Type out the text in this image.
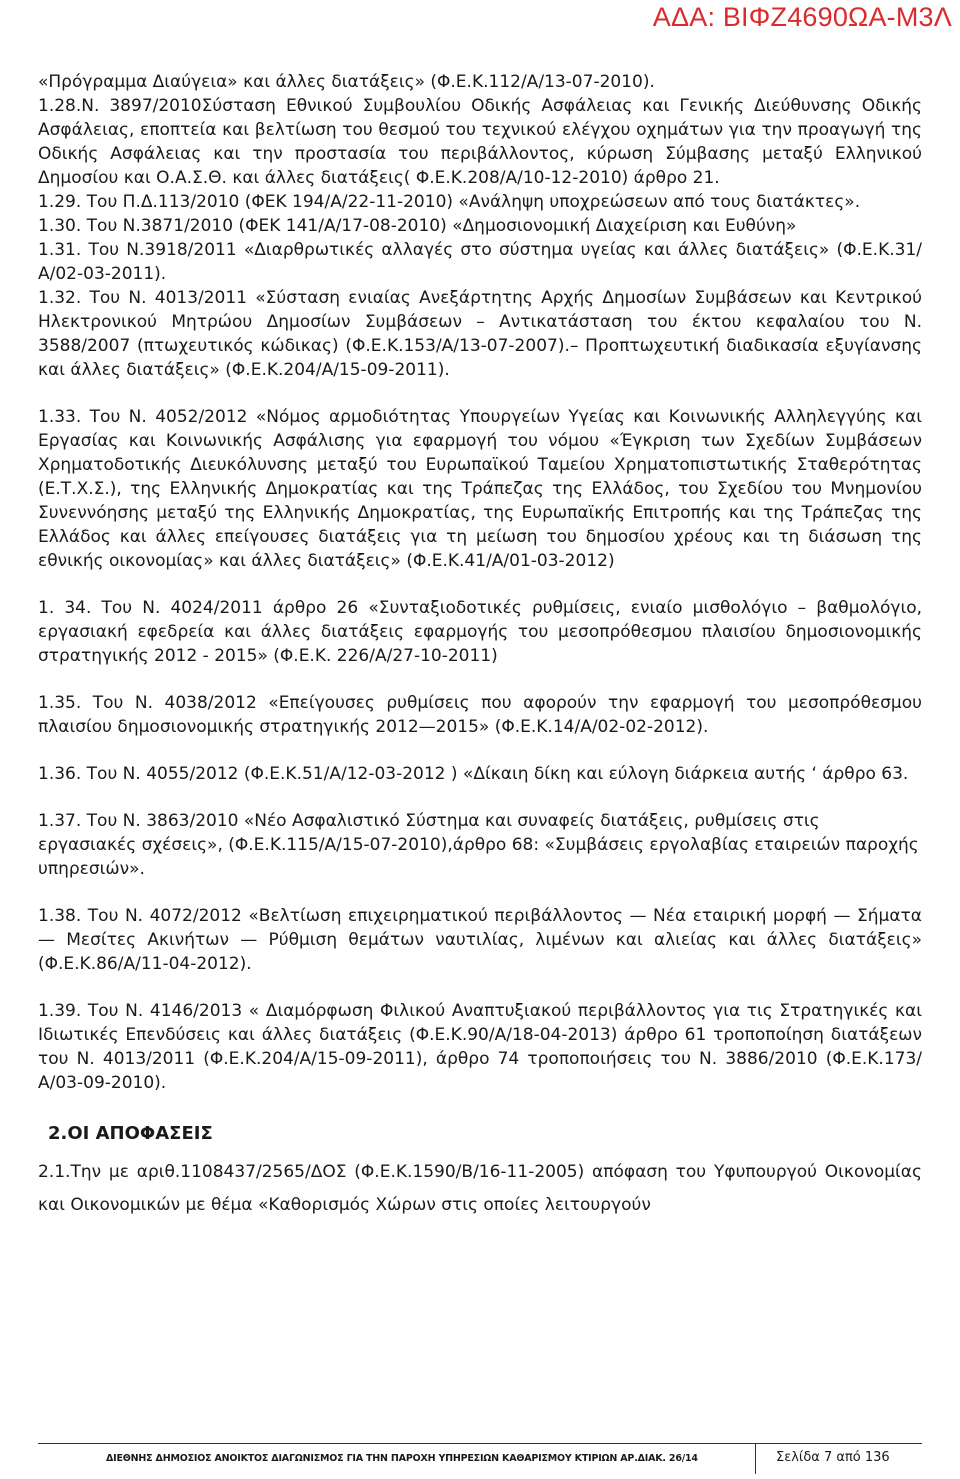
ΑΔΑ: ΒΙΦΖ4690ΩΑ-Μ3Λ

«Πρόγραμμα Διαύγεια» και άλλες διατάξεις» (Φ.Ε.Κ.112/Α/13-07-2010).

1.28.Ν. 3897/2010Σύσταση Εθνικού Συμβουλίου Οδικής Ασφάλειας και Γενικής Διεύθυνσης Οδικής Ασφάλειας, εποπτεία και βελτίωση του θεσμού του τεχνικού ελέγχου οχημάτων για την προαγωγή της Οδικής Ασφάλειας και την προστασία του περιβάλλοντος, κύρωση Σύμβασης μεταξύ Ελληνικού Δημοσίου και Ο.Α.Σ.Θ. και άλλες διατάξεις( Φ.Ε.Κ.208/Α/10-12-2010) άρθρο 21.

1.29. Του Π.Δ.113/2010 (ΦΕΚ 194/Α/22-11-2010) «Ανάληψη υποχρεώσεων από τους διατάκτες».

1.30. Του Ν.3871/2010 (ΦΕΚ 141/Α/17-08-2010) «Δημοσιονομική Διαχείριση και Ευθύνη»

1.31. Του Ν.3918/2011 «Διαρθρωτικές αλλαγές στο σύστημα υγείας και άλλες διατάξεις» (Φ.Ε.Κ.31/Α/02-03-2011).

1.32. Του Ν. 4013/2011 «Σύσταση ενιαίας Ανεξάρτητης Αρχής Δημοσίων Συμβάσεων και Κεντρικού Ηλεκτρονικού Μητρώου Δημοσίων Συμβάσεων – Αντικατάσταση του έκτου κεφαλαίου του Ν. 3588/2007 (πτωχευτικός κώδικας) (Φ.Ε.Κ.153/Α/13-07-2007).– Προπτωχευτική διαδικασία εξυγίανσης και άλλες διατάξεις» (Φ.Ε.Κ.204/Α/15-09-2011).

1.33. Του Ν. 4052/2012 «Νόμος αρμοδιότητας Υπουργείων Υγείας και Κοινωνικής Αλληλεγγύης και Εργασίας και Κοινωνικής Ασφάλισης για εφαρμογή του νόμου «Έγκριση των Σχεδίων Συμβάσεων Χρηματοδοτικής Διευκόλυνσης μεταξύ του Ευρωπαϊκού Ταμείου Χρηματοπιστωτικής Σταθερότητας (Ε.Τ.Χ.Σ.), της Ελληνικής Δημοκρατίας και της Τράπεζας της Ελλάδος, του Σχεδίου του Μνημονίου Συνεννόησης μεταξύ της Ελληνικής Δημοκρατίας, της Ευρωπαϊκής Επιτροπής και της Τράπεζας της Ελλάδος και άλλες επείγουσες διατάξεις για τη μείωση του δημοσίου χρέους και τη διάσωση της εθνικής οικονομίας» και άλλες διατάξεις» (Φ.Ε.Κ.41/Α/01-03-2012)

1. 34. Του Ν. 4024/2011 άρθρο 26 «Συνταξιοδοτικές ρυθμίσεις, ενιαίο μισθολόγιο – βαθμολόγιο, εργασιακή εφεδρεία και άλλες διατάξεις εφαρμογής του μεσοπρόθεσμου πλαισίου δημοσιονομικής στρατηγικής 2012 - 2015» (Φ.Ε.Κ. 226/Α/27-10-2011)

1.35. Του Ν. 4038/2012 «Επείγουσες ρυθμίσεις που αφορούν την εφαρμογή του μεσοπρόθεσμου πλαισίου δημοσιονομικής στρατηγικής 2012—2015» (Φ.Ε.Κ.14/Α/02-02-2012).

1.36. Του Ν. 4055/2012 (Φ.Ε.Κ.51/Α/12-03-2012 ) «Δίκαιη δίκη και εύλογη διάρκεια αυτής ‘ άρθρο 63.

1.37. Του Ν. 3863/2010 «Νέο Ασφαλιστικό Σύστημα και συναφείς διατάξεις, ρυθμίσεις στις εργασιακές σχέσεις», (Φ.Ε.Κ.115/Α/15-07-2010),άρθρο 68: «Συμβάσεις εργολαβίας εταιρειών παροχής υπηρεσιών».

1.38. Του Ν. 4072/2012 «Βελτίωση επιχειρηματικού περιβάλλοντος — Νέα εταιρική μορφή — Σήματα — Μεσίτες Ακινήτων — Ρύθμιση θεμάτων ναυτιλίας, λιμένων και αλιείας και άλλες διατάξεις» (Φ.Ε.Κ.86/Α/11-04-2012).

1.39. Του Ν. 4146/2013 « Διαμόρφωση Φιλικού Αναπτυξιακού περιβάλλοντος για τις Στρατηγικές και Ιδιωτικές Επενδύσεις και άλλες διατάξεις (Φ.Ε.Κ.90/Α/18-04-2013) άρθρο 61 τροποποίηση διατάξεων του Ν. 4013/2011 (Φ.Ε.Κ.204/Α/15-09-2011), άρθρο 74 τροποποιήσεις του Ν. 3886/2010 (Φ.Ε.Κ.173/Α/03-09-2010).

2.ΟΙ ΑΠΟΦΑΣΕΙΣ

2.1.Την με αριθ.1108437/2565/ΔΟΣ (Φ.Ε.Κ.1590/Β/16-11-2005) απόφαση του Υφυπουργού Οικονομίας και Οικονομικών με θέμα «Καθορισμός Χώρων στις οποίες λειτουργούν

ΔΙΕΘΝΗΣ ΔΗΜΟΣΙΟΣ ΑΝΟΙΚΤΟΣ ΔΙΑΓΩΝΙΣΜΟΣ ΓΙΑ ΤΗΝ ΠΑΡΟΧΗ ΥΠΗΡΕΣΙΩΝ ΚΑΘΑΡΙΣΜΟΥ ΚΤΙΡΙΩΝ ΑΡ.ΔΙΑΚ. 26/14	Σελίδα 7 από 136
